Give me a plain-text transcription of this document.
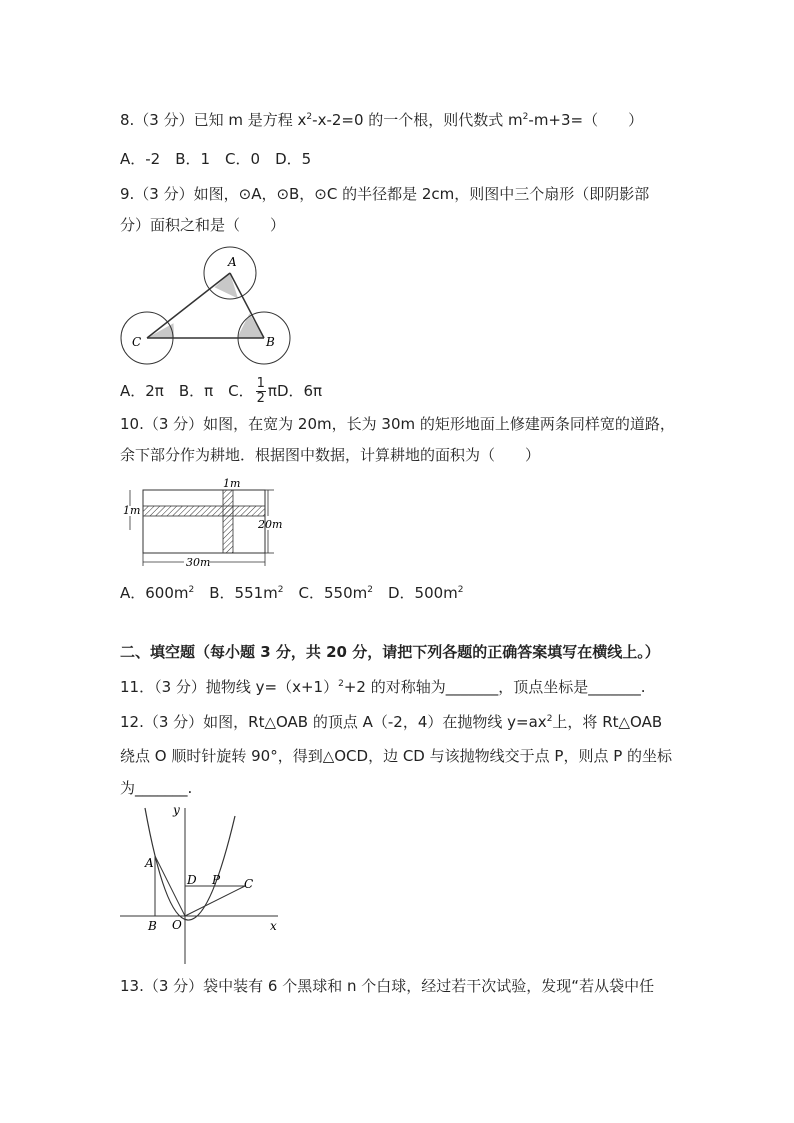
8.（3 分）已知 m 是方程 $x^2-x-2=0$ 的一个根，则代数式 $m^2-m+3=$（　　）
A．-2　B．1　C．0　D．5
9.（3 分）如图，⊙A，⊙B，⊙C 的半径都是 2cm，则图中三个扇形（即阴影部
分）面积之和是（　　）
A
C	B
A．2π　B．π　C． $\frac{1}{2}$ πD．6π
10.（3 分）如图，在宽为 20m，长为 30m 的矩形地面上修建两条同样宽的道路，
余下部分作为耕地．根据图中数据，计算耕地的面积为（　　）
1m
1m
20m
30m
A．$600m^2$　B．$551m^2$　C．$550m^2$　D．$500m^2$
二、填空题（每小题 3 分，共 20 分，请把下列各题的正确答案填写在横线上。）
11．（3 分）抛物线 $y=(x+1)^2+2$ 的对称轴为_______，顶点坐标是_______.
12.（3 分）如图，Rt△OAB 的顶点 A（-2，4）在抛物线 $y=ax^2$上，将 Rt△OAB
绕点 O 顺时针旋转 90°，得到△OCD，边 CD 与该抛物线交于点 P，则点 P 的坐标
为_______.
y
x
A
B O
D P C
13.（3 分）袋中装有 6 个黑球和 n 个白球，经过若干次试验，发现“若从袋中任
